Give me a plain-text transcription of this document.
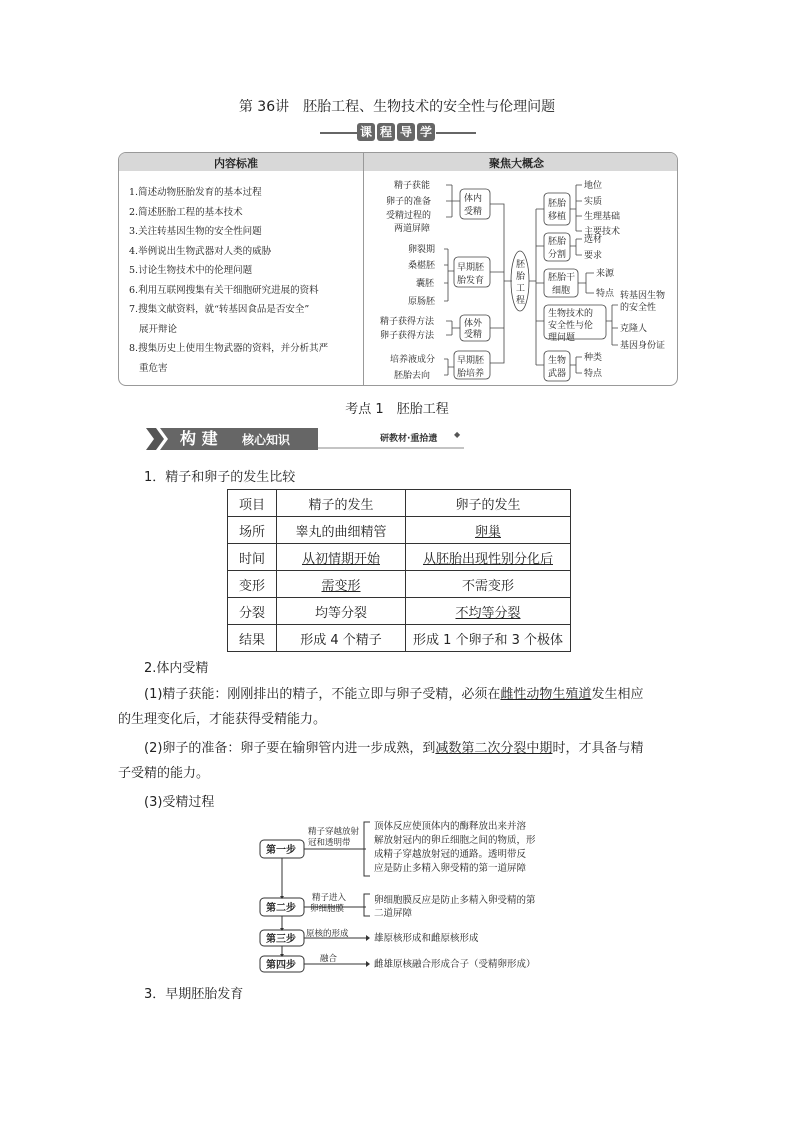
第 36讲　胚胎工程、生物技术的安全性与伦理问题
课 程 导 学
内容标准	聚焦大概念
1.简述动物胚胎发育的基本过程
2.简述胚胎工程的基本技术
3.关注转基因生物的安全性问题
4.举例说出生物武器对人类的威胁
5.讨论生物技术中的伦理问题
6.利用互联网搜集有关干细胞研究进展的资料
7.搜集文献资料，就“转基因食品是否安全”
展开辩论
8.搜集历史上使用生物武器的资料，并分析其严
重危害
精子获能
卵子的准备
受精过程的
两道屏障
体内
受精
卵裂期
桑椹胚
囊胚
原肠胚
早期胚
胎发育
精子获得方法
卵子获得方法
体外
受精
培养液成分
胚胎去向
早期胚
胎培养
胚
胎
工
程
胚胎
移植
地位
实质
生理基础
主要技术
胚胎
分割
选材
要求
胚胎干
细胞
来源
特点
生物技术的
安全性与伦
理问题
转基因生物
的安全性
克隆人
基因身份证
生物
武器
种类
特点
考点 1　胚胎工程
构 建 核心知识	研教材·重拾遗 ◆
1．精子和卵子的发生比较
项目	精子的发生	卵子的发生
场所	睾丸的曲细精管	卵巢
时间	从初情期开始	从胚胎出现性别分化后
变形	需变形	不需变形
分裂	均等分裂	不均等分裂
结果	形成 4 个精子	形成 1 个卵子和 3 个极体
2.体内受精
(1)精子获能：刚刚排出的精子，不能立即与卵子受精，必须在雌性动物生殖道发生相应
的生理变化后，才能获得受精能力。
(2)卵子的准备：卵子要在输卵管内进一步成熟，到减数第二次分裂中期时，才具备与精
子受精的能力。
(3)受精过程
第一步
第二步
第三步
第四步
精子穿越放射
冠和透明带
精子进入
卵细胞膜
原核的形成
融合
顶体反应使顶体内的酶释放出来并溶
解放射冠内的卵丘细胞之间的物质，形
成精子穿越放射冠的通路。透明带反
应是防止多精入卵受精的第一道屏障
卵细胞膜反应是防止多精入卵受精的第
二道屏障
雄原核形成和雌原核形成
雌雄原核融合形成合子（受精卵形成）
3．早期胚胎发育
